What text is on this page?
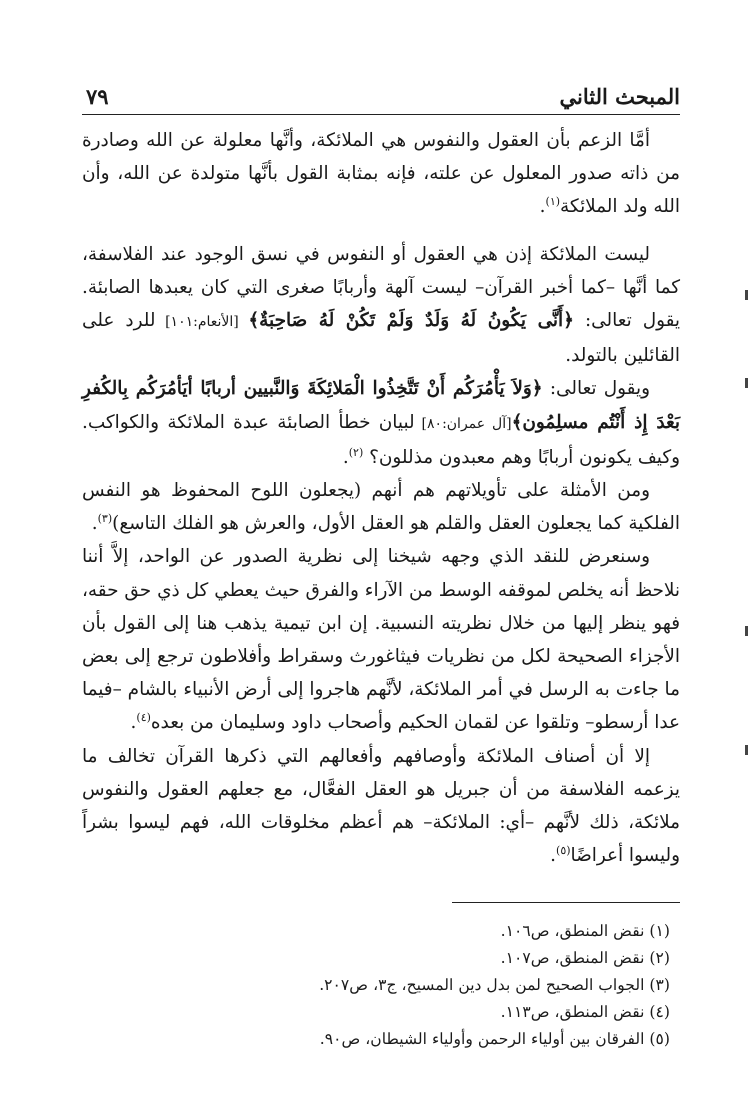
المبحث الثاني
٧٩

أمَّا الزعم بأن العقول والنفوس هي الملائكة، وأنَّها معلولة عن الله وصادرة من ذاته صدور المعلول عن علته، فإنه بمثابة القول بأنَّها متولدة عن الله، وأن الله ولد الملائكة$^{(١)}$.

ليست الملائكة إذن هي العقول أو النفوس في نسق الوجود عند الفلاسفة، كما أنَّها –كما أخبر القرآن– ليست آلهة وأربابًا صغرى التي كان يعبدها الصابئة. يقول تعالى: ﴿أَنَّى يَكُونُ لَهُ وَلَدٌ وَلَمْ تَكُنْ لَهُ صَاحِبَةٌ﴾ [الأنعام:١٠١] للرد على القائلين بالتولد.

ويقول تعالى: ﴿وَلاَ يَأْمُرَكُم أَنْ تَتَّخِذُوا الْمَلائِكَةَ وَالنَّبيين أربابًا أيَأمُرَكُم بِالكُفرِ بَعْدَ إِذ أَنْتُم مسلِمُون﴾[آل عمران:٨٠] لبيان خطأ الصابئة عبدة الملائكة والكواكب. وكيف يكونون أربابًا وهم معبدون مذللون؟ $^{(٢)}$.

ومن الأمثلة على تأويلاتهم هم أنهم (يجعلون اللوح المحفوظ هو النفس الفلكية كما يجعلون العقل والقلم هو العقل الأول، والعرش هو الفلك التاسع)$^{(٣)}$.

وسنعرض للنقد الذي وجهه شيخنا إلى نظرية الصدور عن الواحد، إلاَّ أننا نلاحظ أنه يخلص لموقفه الوسط من الآراء والفرق حيث يعطي كل ذي حق حقه، فهو ينظر إليها من خلال نظريته النسبية. إن ابن تيمية يذهب هنا إلى القول بأن الأجزاء الصحيحة لكل من نظريات فيثاغورث وسقراط وأفلاطون ترجع إلى بعض ما جاءت به الرسل في أمر الملائكة، لأنَّهم هاجروا إلى أرض الأنبياء بالشام –فيما عدا أرسطو– وتلقوا عن لقمان الحكيم وأصحاب داود وسليمان من بعده$^{(٤)}$.

إلا أن أصناف الملائكة وأوصافهم وأفعالهم التي ذكرها القرآن تخالف ما يزعمه الفلاسفة من أن جبريل هو العقل الفعَّال، مع جعلهم العقول والنفوس ملائكة، ذلك لأنَّهم –أي: الملائكة– هم أعظم مخلوقات الله، فهم ليسوا بشراً وليسوا أعراضًا$^{(٥)}$.

(١) نقض المنطق، ص١٠٦.

(٢) نقض المنطق، ص١٠٧.

(٣) الجواب الصحيح لمن بدل دين المسيح، ج٣، ص٢٠٧.

(٤) نقض المنطق، ص١١٣.

(٥) الفرقان بين أولياء الرحمن وأولياء الشيطان، ص٩٠.
